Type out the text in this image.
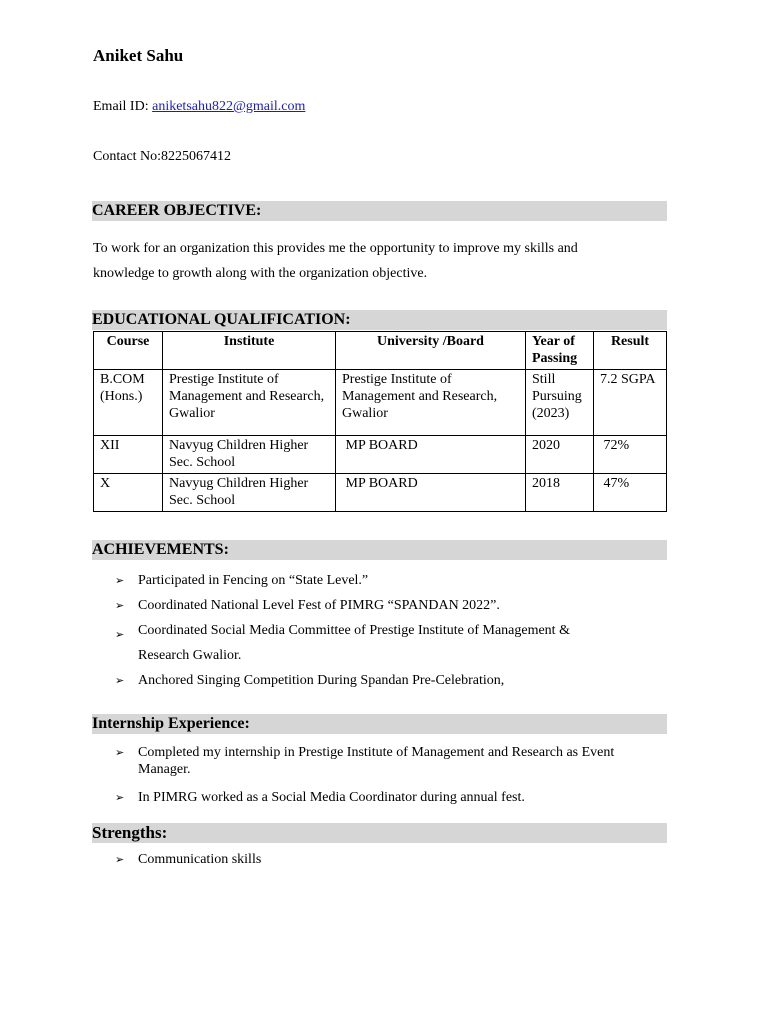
Aniket Sahu
Email ID: aniketsahu822@gmail.com
Contact No:8225067412
CAREER OBJECTIVE:
To work for an organization this provides me the opportunity to improve my skills and
knowledge to growth along with the organization objective.
EDUCATIONAL QUALIFICATION:
Course	Institute	University /Board	Year of Passing	Result
B.COM (Hons.)	Prestige Institute of Management and Research, Gwalior	Prestige Institute of Management and Research, Gwalior	Still Pursuing (2023)	7.2 SGPA
XII	Navyug Children Higher Sec. School	MP BOARD	2020	72%
X	Navyug Children Higher Sec. School	MP BOARD	2018	47%
ACHIEVEMENTS:
➢ Participated in Fencing on “State Level.”
➢ Coordinated National Level Fest of PIMRG “SPANDAN 2022”.
➢ Coordinated Social Media Committee of Prestige Institute of Management &
Research Gwalior.
➢ Anchored Singing Competition During Spandan Pre-Celebration,
Internship Experience:
➢ Completed my internship in Prestige Institute of Management and Research as Event
Manager.
➢ In PIMRG worked as a Social Media Coordinator during annual fest.
Strengths:
➢ Communication skills
